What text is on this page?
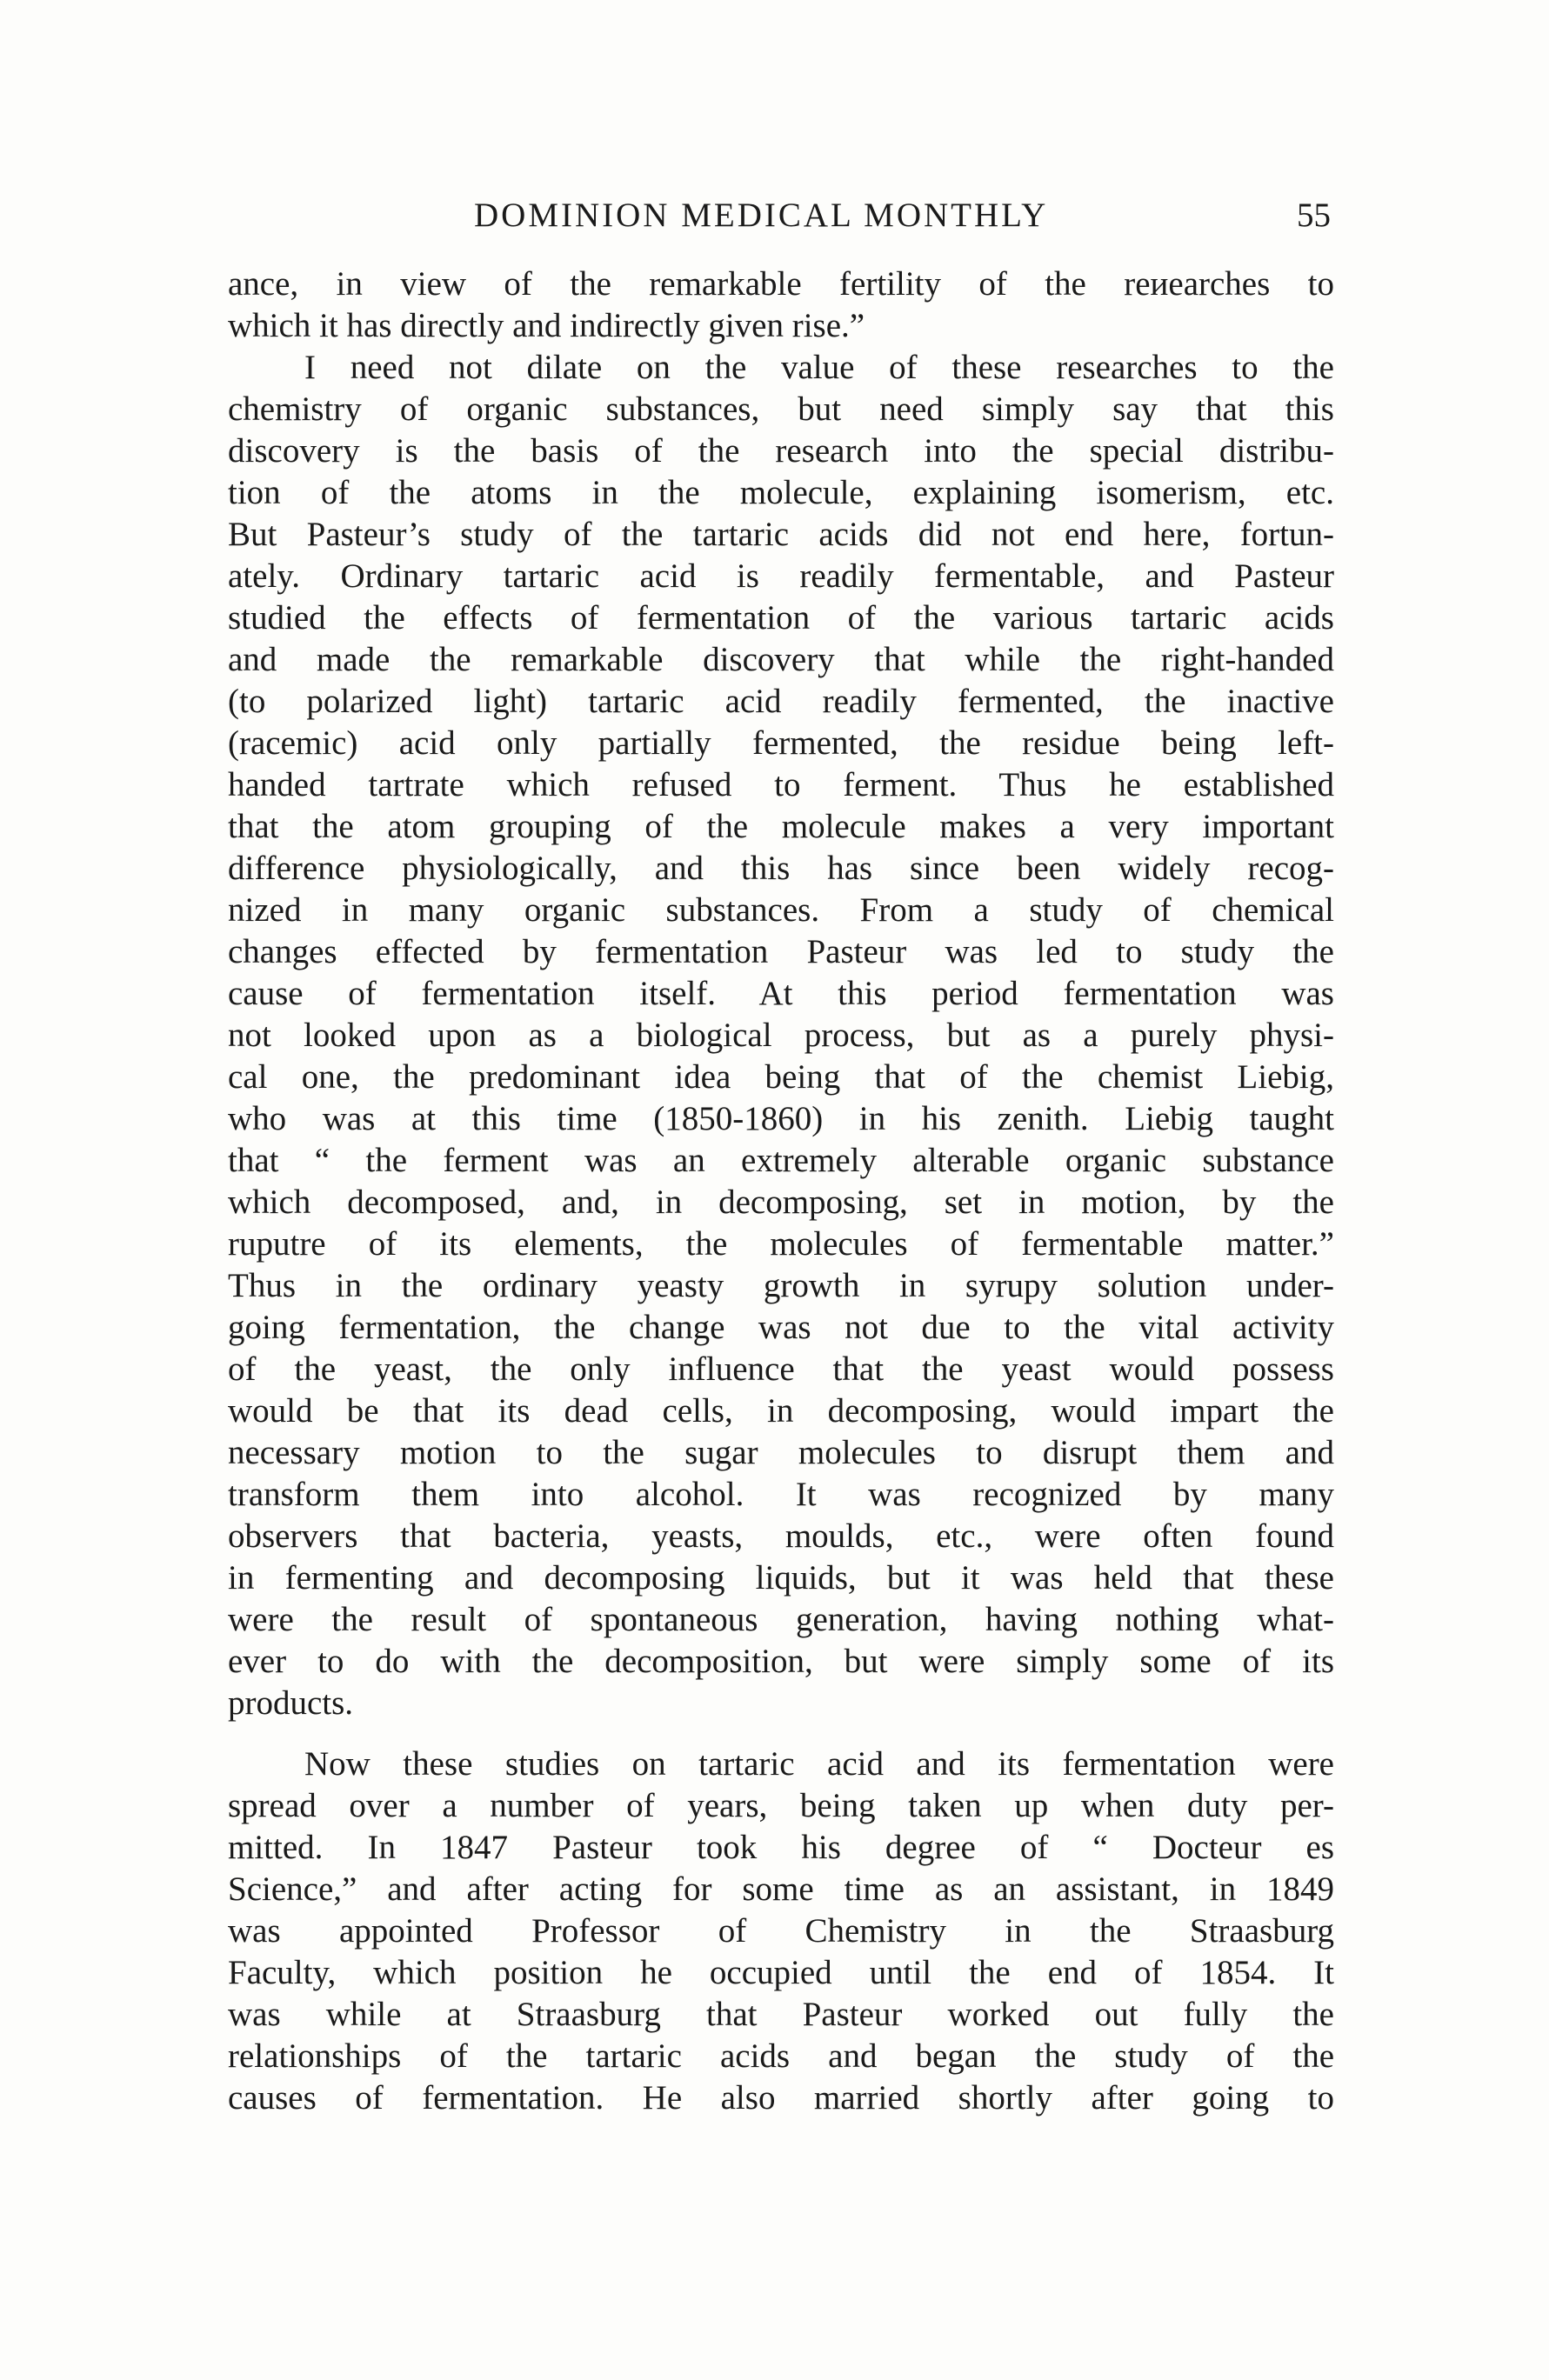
DOMINION MEDICAL MONTHLY	55
ance, in view of the remarkable fertility of the reиearches to
which it has directly and indirectly given rise.”
I need not dilate on the value of these researches to the
chemistry of organic substances, but need simply say that this
discovery is the basis of the research into the special distribu-
tion of the atoms in the molecule, explaining isomerism, etc.
But Pasteur’s study of the tartaric acids did not end here, fortun-
ately. Ordinary tartaric acid is readily fermentable, and Pasteur
studied the effects of fermentation of the various tartaric acids
and made the remarkable discovery that while the right-handed
(to polarized light) tartaric acid readily fermented, the inactive
(racemic) acid only partially fermented, the residue being left-
handed tartrate which refused to ferment. Thus he established
that the atom grouping of the molecule makes a very important
difference physiologically, and this has since been widely recog-
nized in many organic substances. From a study of chemical
changes effected by fermentation Pasteur was led to study the
cause of fermentation itself. At this period fermentation was
not looked upon as a biological process, but as a purely physi-
cal one, the predominant idea being that of the chemist Liebig,
who was at this time (1850-1860) in his zenith. Liebig taught
that “ the ferment was an extremely alterable organic substance
which decomposed, and, in decomposing, set in motion, by the
ruputre of its elements, the molecules of fermentable matter.”
Thus in the ordinary yeasty growth in syrupy solution under-
going fermentation, the change was not due to the vital activity
of the yeast, the only influence that the yeast would possess
would be that its dead cells, in decomposing, would impart the
necessary motion to the sugar molecules to disrupt them and
transform them into alcohol. It was recognized by many
observers that bacteria, yeasts, moulds, etc., were often found
in fermenting and decomposing liquids, but it was held that these
were the result of spontaneous generation, having nothing what-
ever to do with the decomposition, but were simply some of its
products.
Now these studies on tartaric acid and its fermentation were
spread over a number of years, being taken up when duty per-
mitted. In 1847 Pasteur took his degree of “ Docteur es
Science,” and after acting for some time as an assistant, in 1849
was appointed Professor of Chemistry in the Straasburg
Faculty, which position he occupied until the end of 1854. It
was while at Straasburg that Pasteur worked out fully the
relationships of the tartaric acids and began the study of the
causes of fermentation. He also married shortly after going to
